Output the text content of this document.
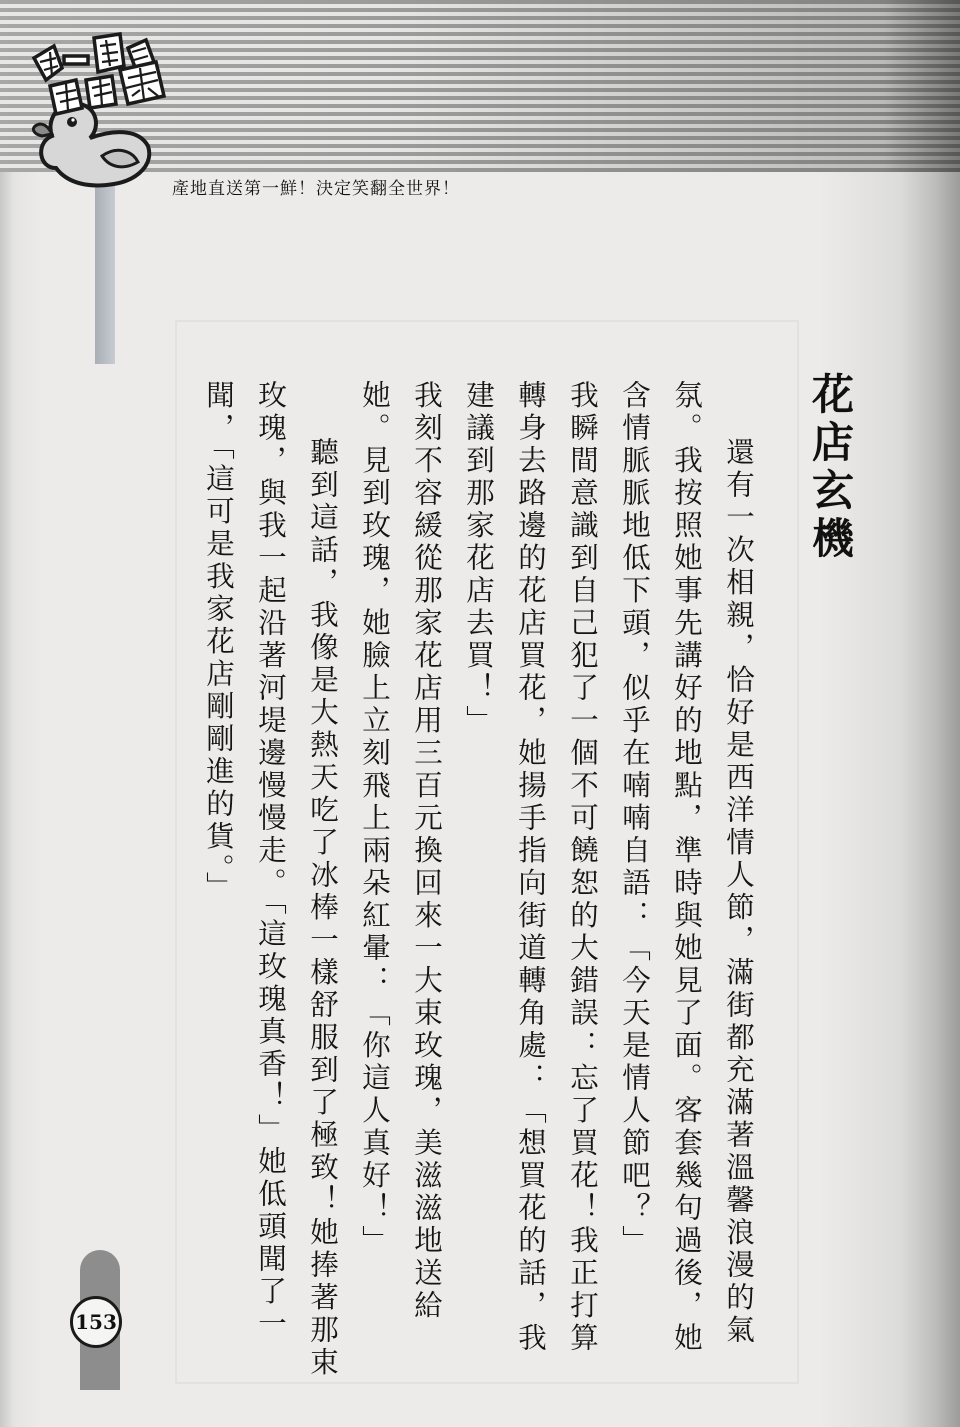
產地直送第一鮮！決定笑翻全世界！
花店玄機

還有一次相親，恰好是西洋情人節，滿街都充滿著溫馨浪漫的氣氛。我按照她事先講好的地點，準時與她見了面。客套幾句過後，她含情脈脈地低下頭，似乎在喃喃自語：「今天是情人節吧？」

我瞬間意識到自己犯了一個不可饒恕的大錯誤：忘了買花！我正打算轉身去路邊的花店買花，她揚手指向街道轉角處：「想買花的話，我建議到那家花店去買！」

我刻不容緩從那家花店用三百元換回來一大束玫瑰，美滋滋地送給她。見到玫瑰，她臉上立刻飛上兩朵紅暈：「你這人真好！」

聽到這話，我像是大熱天吃了冰棒一樣舒服到了極致！她捧著那束玫瑰，與我一起沿著河堤邊慢慢走。「這玫瑰真香！」她低頭聞了一聞，「這可是我家花店剛剛進的貨。」

153
